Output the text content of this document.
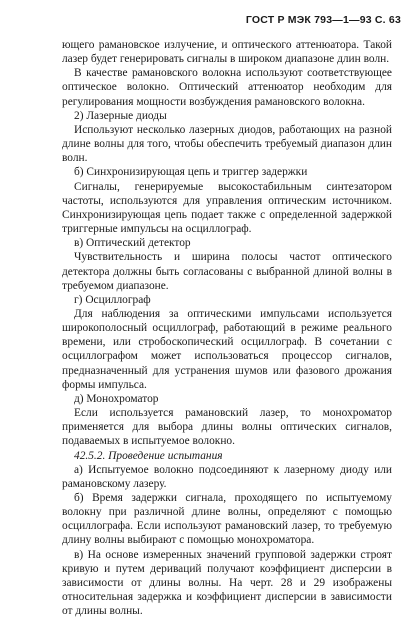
ГОСТ Р МЭК 793—1—93 С. 63

ющего рамановское излучение, и оптического аттенюатора. Такой лазер будет генерировать сигналы в широком диапазоне длин волн.

В качестве рамановского волокна используют соответствующее оптическое волокно. Оптический аттенюатор необходим для регулирования мощности возбуждения рамановского волокна.

2) Лазерные диоды

Используют несколько лазерных диодов, работающих на разной длине волны для того, чтобы обеспечить требуемый диапазон длин волн.

б) Синхронизирующая цепь и триггер задержки

Сигналы, генерируемые высокостабильным синтезатором частоты, используются для управления оптическим источником. Синхронизирующая цепь подает также с определенной задержкой триггерные импульсы на осциллограф.

в) Оптический детектор

Чувствительность и ширина полосы частот оптического детектора должны быть согласованы с выбранной длиной волны в требуемом диапазоне.

г) Осциллограф

Для наблюдения за оптическими импульсами используется широкополосный осциллограф, работающий в режиме реального времени, или стробоскопический осциллограф. В сочетании с осциллографом может использоваться процессор сигналов, предназначенный для устранения шумов или фазового дрожания формы импульса.

д) Монохроматор

Если используется рамановский лазер, то монохроматор применяется для выбора длины волны оптических сигналов, подаваемых в испытуемое волокно.

42.5.2. Проведение испытания

а) Испытуемое волокно подсоединяют к лазерному диоду или рамановскому лазеру.

б) Время задержки сигнала, проходящего по испытуемому волокну при различной длине волны, определяют с помощью осциллографа. Если используют рамановский лазер, то требуемую длину волны выбирают с помощью монохроматора.

в) На основе измеренных значений групповой задержки строят кривую и путем дериваций получают коэффициент дисперсии в зависимости от длины волны. На черт. 28 и 29 изображены относительная задержка и коэффициент дисперсии в зависимости от длины волны.
